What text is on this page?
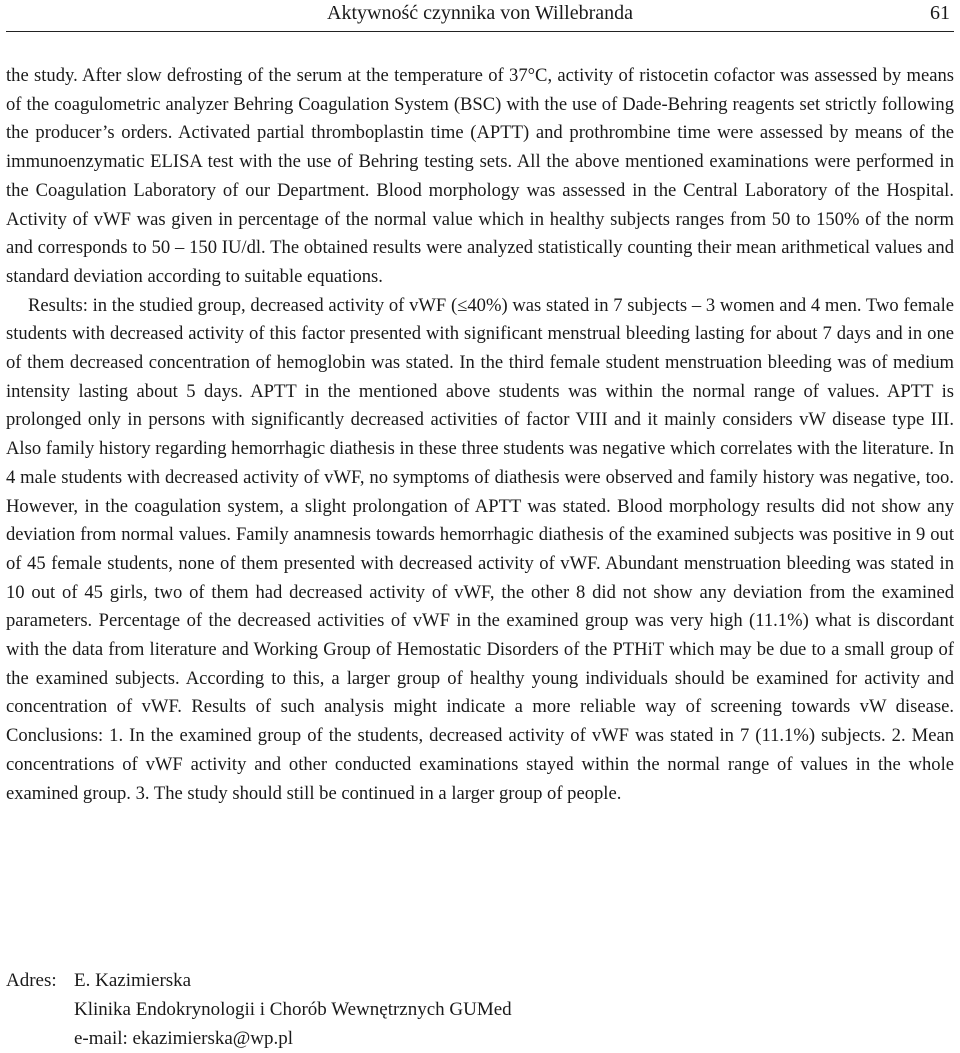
Aktywność czynnika von Willebranda	61

the study. After slow defrosting of the serum at the temperature of 37°C, activity of ristocetin cofactor was assessed by means of the coagulometric analyzer Behring Coagulation System (BSC) with the use of Dade-Behring reagents set strictly following the producer’s orders. Activated partial thromboplastin time (APTT) and prothrombine time were assessed by means of the immunoenzymatic ELISA test with the use of Behring testing sets. All the above mentioned examinations were performed in the Coagulation Laboratory of our Department. Blood morphology was assessed in the Central Laboratory of the Hospital. Activity of vWF was given in percentage of the normal value which in healthy subjects ranges from 50 to 150% of the norm and corresponds to 50 – 150 IU/dl. The obtained results were analyzed statistically counting their mean arithmetical values and standard deviation according to suitable equations.

Results: in the studied group, decreased activity of vWF (≤40%) was stated in 7 subjects – 3 women and 4 men. Two female students with decreased activity of this factor presented with significant menstrual bleeding lasting for about 7 days and in one of them decreased concentration of hemoglobin was stated. In the third female student menstruation bleeding was of medium intensity lasting about 5 days. APTT in the mentioned above students was within the normal range of values. APTT is prolonged only in persons with significantly decreased activities of factor VIII and it mainly considers vW disease type III. Also family history regarding hemorrhagic diathesis in these three students was negative which correlates with the literature. In 4 male students with decreased activity of vWF, no symptoms of diathesis were observed and family history was negative, too. However, in the coagulation system, a slight prolongation of APTT was stated. Blood morphology results did not show any deviation from normal values. Family anamnesis towards hemorrhagic diathesis of the examined subjects was positive in 9 out of 45 female students, none of them presented with decreased activity of vWF. Abundant menstruation bleeding was stated in 10 out of 45 girls, two of them had decreased activity of vWF, the other 8 did not show any deviation from the examined parameters. Percentage of the decreased activities of vWF in the examined group was very high (11.1%) what is discordant with the data from literature and Working Group of Hemostatic Disorders of the PTHiT which may be due to a small group of the examined subjects. According to this, a larger group of healthy young individuals should be examined for activity and concentration of vWF. Results of such analysis might indicate a more reliable way of screening towards vW disease. Conclusions: 1. In the examined group of the students, decreased activity of vWF was stated in 7 (11.1%) subjects. 2. Mean concentrations of vWF activity and other conducted examinations stayed within the normal range of values in the whole examined group. 3. The study should still be continued in a larger group of people.

Adres: E. Kazimierska
Klinika Endokrynologii i Chorób Wewnętrznych GUMed
e-mail: ekazimierska@wp.pl
